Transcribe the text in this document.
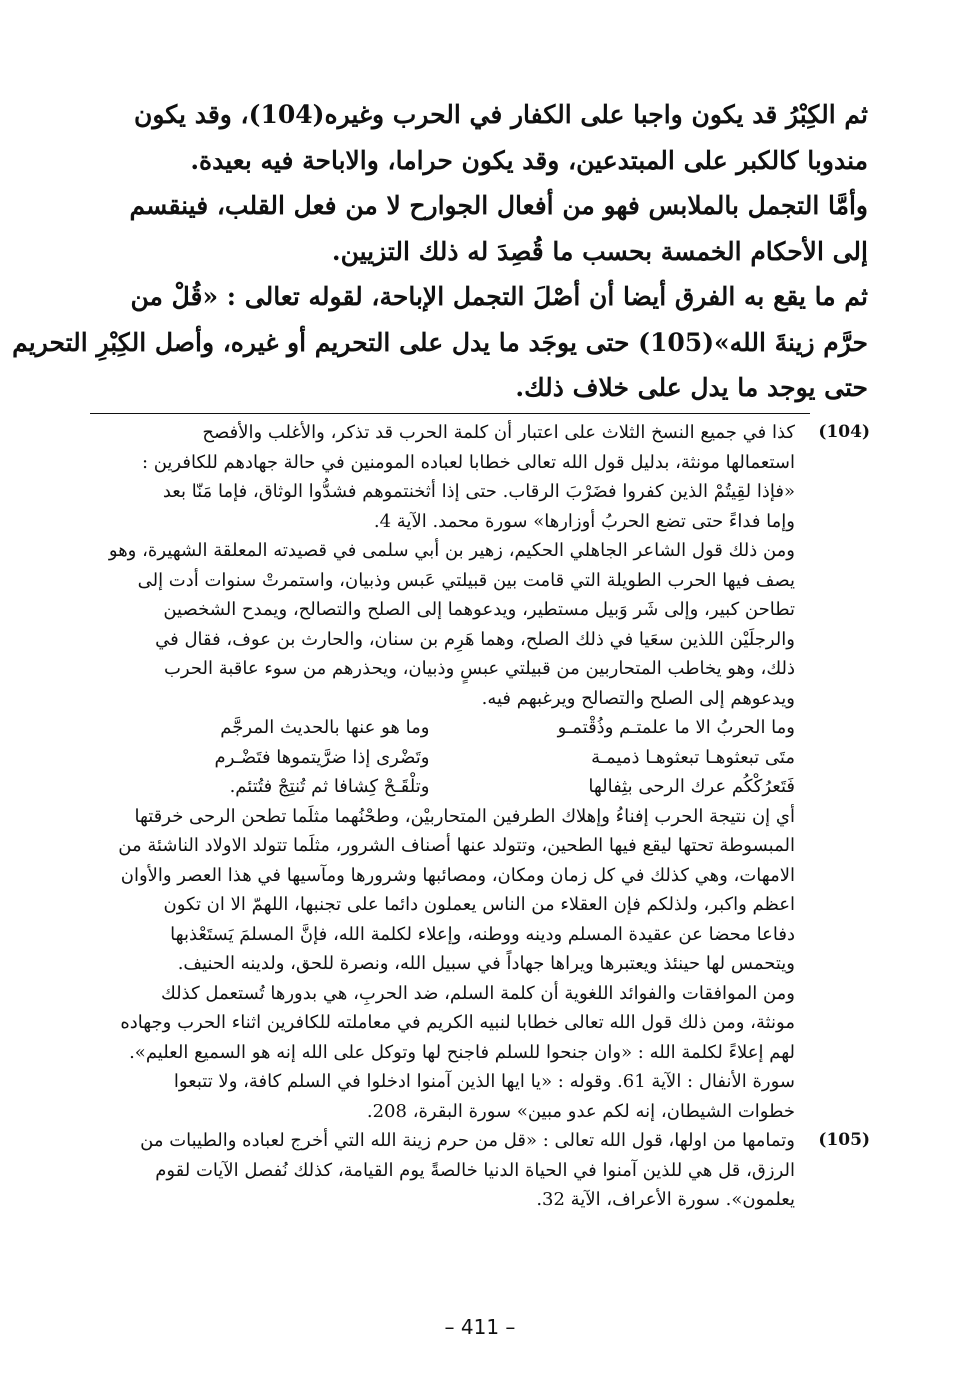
ثم الكِبْرُ قد يكون واجبا على الكفار في الحرب وغيره(104)، وقد يكون
مندوبا كالكبر على المبتدعين، وقد يكون حراما، والاباحة فيه بعيدة.
وأمَّا التجمل بالملابس فهو من أفعال الجوارح لا من فعل القلب، فينقسم
إلى الأحكام الخمسة بحسب ما قُصِدَ له ذلك التزيين.
ثم ما يقع به الفرق أيضا أن أصْلَ التجمل الإباحة، لقوله تعالى : «قُلْ من
حرَّم زينةَ الله»(105) حتى يوجَد ما يدل على التحريم أو غيره، وأصل الكِبْرِ التحريم
حتى يوجد ما يدل على خلاف ذلك.
(104)
كذا في جميع النسخ الثلاث على اعتبار أن كلمة الحرب قد تذكر، والأغلب والأفصح
استعمالها مونثة، بدليل قول الله تعالى خطابا لعباده المومنين في حالة جهادهم للكافرين :
«فإذا لقِيتُمْ الذين كفروا فضَرْبَ الرقاب. حتى إذا أثخنتموهم فشدُّوا الوثاق، فإما مَنّا بعد
وإما فداءً حتى تضع الحربُ أوزارها» سورة محمد. الآية 4.
ومن ذلك قول الشاعر الجاهلي الحكيم، زهير بن أبي سلمى في قصيدته المعلقة الشهيرة، وهو
يصف فيها الحرب الطويلة التي قامت بين قبيلتي عَبس وذبيان، واستمرتْ سنوات أدت إلى
تطاحن كبير، وإلى شَر وَبيل مستطير، ويدعوهما إلى الصلح والتصالح، ويمدح الشخصين
والرجلَيْن اللذين سعَيا في ذلك الصلح، وهما هَرِم بن سنان، والحارث بن عوف، فقال في
ذلك، وهو يخاطب المتحاربين من قبيلتي عبسٍ وذبيان، ويحذرهم من سوء عاقبة الحرب
ويدعوهم إلى الصلح والتصالح ويرغبهم فيه.
وما الحربُ الا ما علمتـم وذُقْتمـو
وما هو عنها بالحديث المرجَّم
متَى تبعثوهـا تبعثوهـا ذميمـة
وتَضْرى إذا ضرَّيتموها فتَضْـرم
فَتَعرُكْكُم عرك الرحى بثِفالها
وتلْقَـحْ كِشافا ثم تُنتِجْ فتُتئم.
أي إن نتيجة الحرب إفناءُ وإهلاك الطرفين المتحاربيْن، وطحْنُهما مثلَما تطحن الرحى خرقتها
المبسوطة تحتها ليقع فيها الطحين، وتتولد عنها أصناف الشرور، مثلَما تتولد الاولاد الناشئة من
الامهات، وهي كذلك في كل زمان ومكان، ومصائبها وشرورها ومآسيها في هذا العصر والأوان
اعظم واكبر، ولذلكم فإن العقلاء من الناس يعملون دائما على تجنبها، اللهمّ الا ان تكون
دفاعا محضا عن عقيدة المسلم ودينه ووطنه، وإعلاء لكلمة الله، فإنَّ المسلمَ يَستَعْذبها
ويتحمس لها حينئذ ويعتبرها ويراها جهاداً في سبيل الله، ونصرة للحق، ولدينه الحنيف.
ومن الموافقات والفوائد اللغوية أن كلمة السلم، ضد الحربِ، هي بدورها تُستعمل كذلك
مونثة، ومن ذلك قول الله تعالى خطابا لنبيه الكريم في معاملته للكافرين اثناء الحرب وجهاده
لهم إعلاءً لكلمة الله : «وان جنحوا للسلم فاجنح لها وتوكل على الله إنه هو السميع العليم».
سورة الأنفال : الآية 61. وقوله : «يا ايها الذين آمنوا ادخلوا في السلم كافة، ولا تتبعوا
خطوات الشيطان، إنه لكم عدو مبين» سورة البقرة، 208.
(105)
وتمامها من اولها، قول الله تعالى : «قل من حرم زينة الله التي أخرج لعباده والطيبات من
الرزق، قل هي للذين آمنوا في الحياة الدنيا خالصةً يوم القيامة، كذلك نُفصل الآيات لقوم
يعلمون». سورة الأعراف، الآية 32.
– 411 –
